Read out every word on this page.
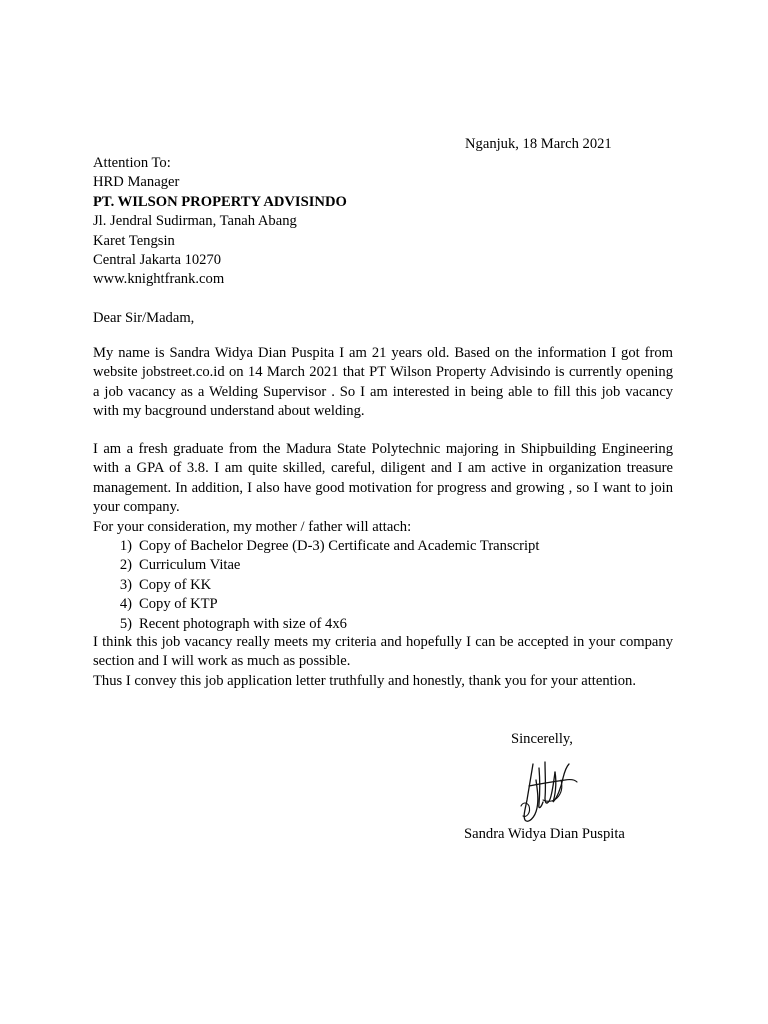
Nganjuk, 18 March 2021
Attention To:
HRD Manager
PT. WILSON PROPERTY ADVISINDO
Jl. Jendral Sudirman, Tanah Abang
Karet Tengsin
Central Jakarta 10270
www.knightfrank.com
Dear Sir/Madam,
My name is Sandra Widya Dian Puspita I am 21 years old. Based on the information I got from website jobstreet.co.id on 14 March 2021 that PT Wilson Property Advisindo is currently opening a job vacancy as a Welding Supervisor . So I am interested in being able to fill this job vacancy with my bacground understand about welding.
I am a fresh graduate from the Madura State Polytechnic majoring in Shipbuilding Engineering with a GPA of 3.8. I am quite skilled, careful, diligent and I am active in organization treasure management. In addition, I also have good motivation for progress and growing , so I want to join your company.
For your consideration, my mother / father will attach:
1) Copy of Bachelor Degree (D-3) Certificate and Academic Transcript
2) Curriculum Vitae
3) Copy of KK
4) Copy of KTP
5) Recent photograph with size of 4x6
I think this job vacancy really meets my criteria and hopefully I can be accepted in your company section and I will work as much as possible.
Thus I convey this job application letter truthfully and honestly, thank you for your attention.
Sincerelly,
Sandra Widya Dian Puspita
